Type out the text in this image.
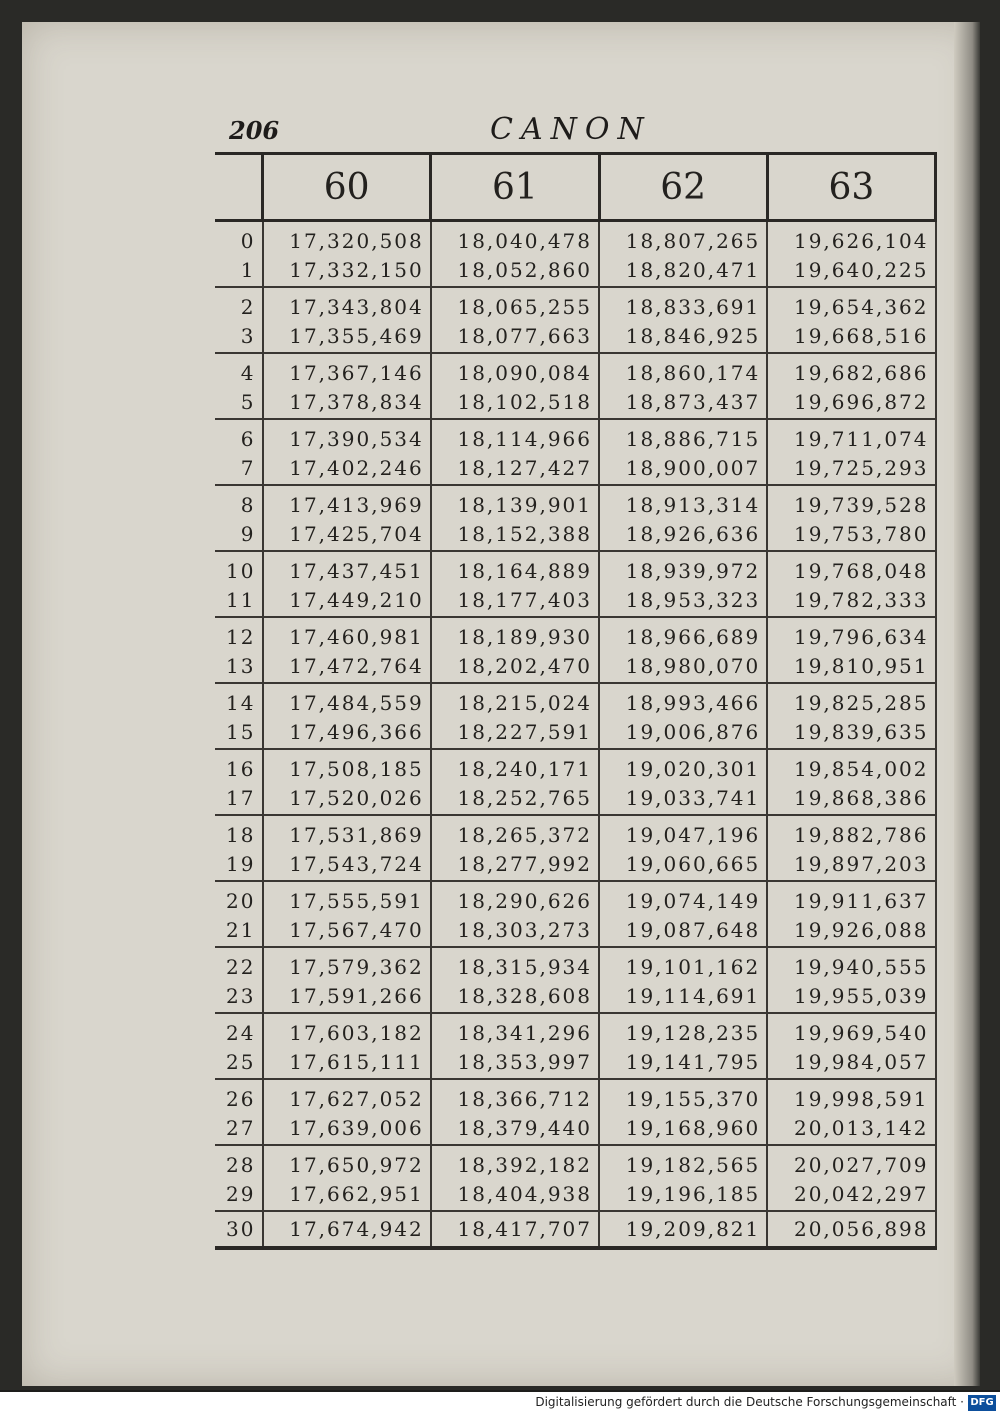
206	CANON
	60	61	62	63
0	17,320,508	18,040,478	18,807,265	19,626,104
1	17,332,150	18,052,860	18,820,471	19,640,225
2	17,343,804	18,065,255	18,833,691	19,654,362
3	17,355,469	18,077,663	18,846,925	19,668,516
4	17,367,146	18,090,084	18,860,174	19,682,686
5	17,378,834	18,102,518	18,873,437	19,696,872
6	17,390,534	18,114,966	18,886,715	19,711,074
7	17,402,246	18,127,427	18,900,007	19,725,293
8	17,413,969	18,139,901	18,913,314	19,739,528
9	17,425,704	18,152,388	18,926,636	19,753,780
10	17,437,451	18,164,889	18,939,972	19,768,048
11	17,449,210	18,177,403	18,953,323	19,782,333
12	17,460,981	18,189,930	18,966,689	19,796,634
13	17,472,764	18,202,470	18,980,070	19,810,951
14	17,484,559	18,215,024	18,993,466	19,825,285
15	17,496,366	18,227,591	19,006,876	19,839,635
16	17,508,185	18,240,171	19,020,301	19,854,002
17	17,520,026	18,252,765	19,033,741	19,868,386
18	17,531,869	18,265,372	19,047,196	19,882,786
19	17,543,724	18,277,992	19,060,665	19,897,203
20	17,555,591	18,290,626	19,074,149	19,911,637
21	17,567,470	18,303,273	19,087,648	19,926,088
22	17,579,362	18,315,934	19,101,162	19,940,555
23	17,591,266	18,328,608	19,114,691	19,955,039
24	17,603,182	18,341,296	19,128,235	19,969,540
25	17,615,111	18,353,997	19,141,795	19,984,057
26	17,627,052	18,366,712	19,155,370	19,998,591
27	17,639,006	18,379,440	19,168,960	20,013,142
28	17,650,972	18,392,182	19,182,565	20,027,709
29	17,662,951	18,404,938	19,196,185	20,042,297
30	17,674,942	18,417,707	19,209,821	20,056,898
Digitalisierung gefördert durch die Deutsche Forschungsgemeinschaft · DFG
